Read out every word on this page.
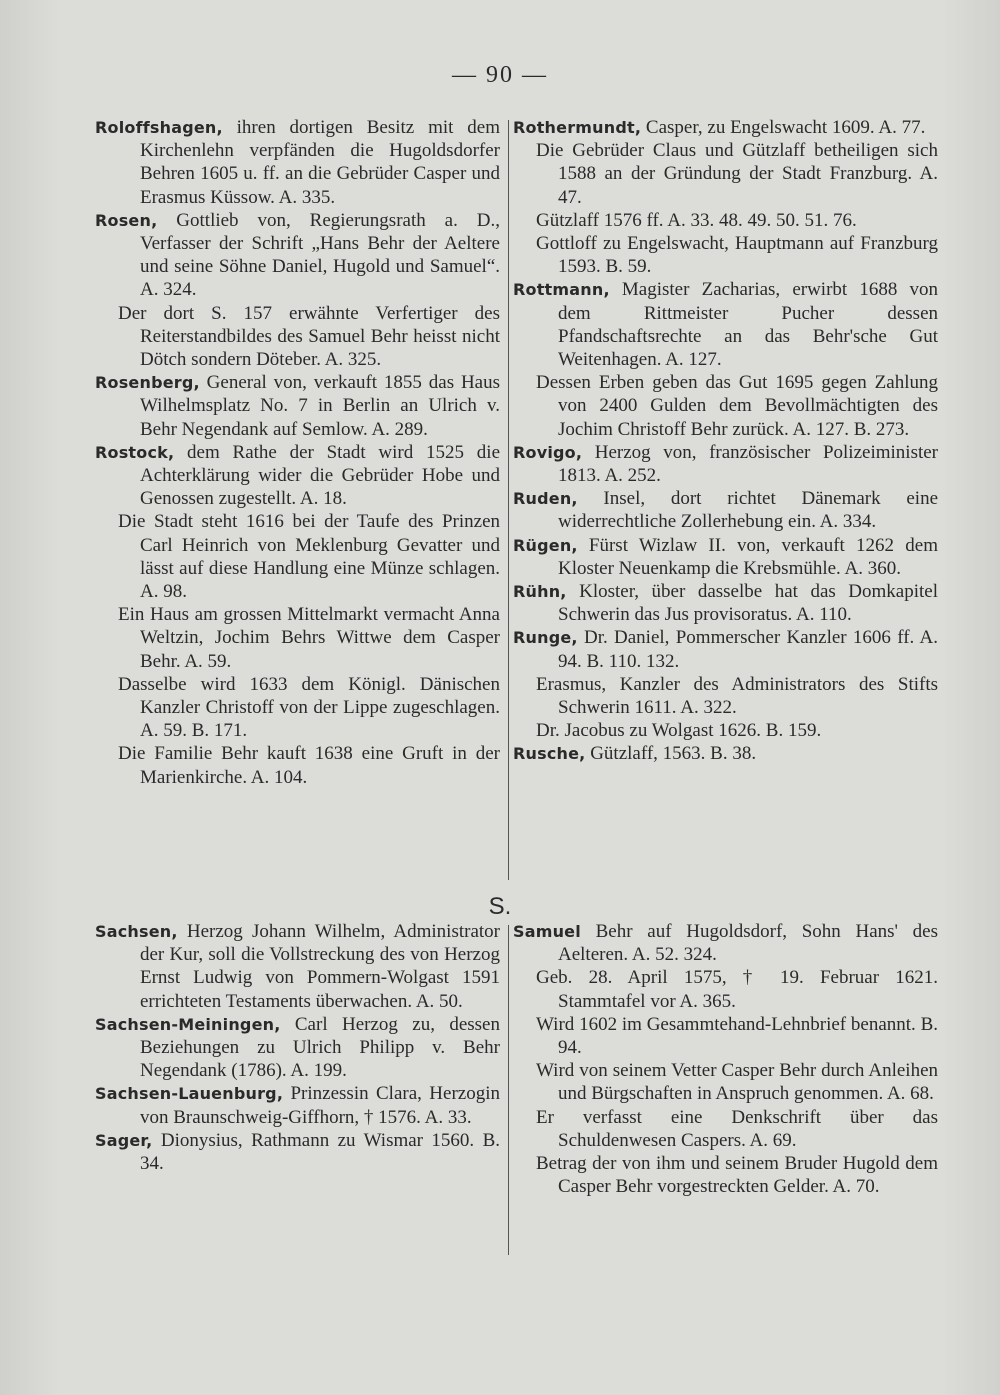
— 90 —

Roloffshagen, ihren dortigen Besitz mit dem Kirchenlehn verpfänden die Hugoldsdorfer Behren 1605 u. ff. an die Gebrüder Casper und Erasmus Küssow. A. 335.

Rosen, Gottlieb von, Regierungsrath a. D., Verfasser der Schrift „Hans Behr der Aeltere und seine Söhne Daniel, Hugold und Samuel“. A. 324.

Der dort S. 157 erwähnte Verfertiger des Reiterstandbildes des Samuel Behr heisst nicht Dötch sondern Döteber. A. 325.

Rosenberg, General von, verkauft 1855 das Haus Wilhelmsplatz No. 7 in Berlin an Ulrich v. Behr Negendank auf Semlow. A. 289.

Rostock, dem Rathe der Stadt wird 1525 die Achterklärung wider die Gebrüder Hobe und Genossen zugestellt. A. 18.

Die Stadt steht 1616 bei der Taufe des Prinzen Carl Heinrich von Meklenburg Gevatter und lässt auf diese Handlung eine Münze schlagen. A. 98.

Ein Haus am grossen Mittelmarkt vermacht Anna Weltzin, Jochim Behrs Wittwe dem Casper Behr. A. 59.

Dasselbe wird 1633 dem Königl. Dänischen Kanzler Christoff von der Lippe zugeschlagen. A. 59. B. 171.

Die Familie Behr kauft 1638 eine Gruft in der Marienkirche. A. 104.

Rothermundt, Casper, zu Engelswacht 1609. A. 77.

Die Gebrüder Claus und Gützlaff betheiligen sich 1588 an der Gründung der Stadt Franzburg. A. 47.

Gützlaff 1576 ff. A. 33. 48. 49. 50. 51. 76.

Gottloff zu Engelswacht, Hauptmann auf Franzburg 1593. B. 59.

Rottmann, Magister Zacharias, erwirbt 1688 von dem Rittmeister Pucher dessen Pfandschaftsrechte an das Behr'sche Gut Weitenhagen. A. 127.

Dessen Erben geben das Gut 1695 gegen Zahlung von 2400 Gulden dem Bevollmächtigten des Jochim Christoff Behr zurück. A. 127. B. 273.

Rovigo, Herzog von, französischer Polizeiminister 1813. A. 252.

Ruden, Insel, dort richtet Dänemark eine widerrechtliche Zollerhebung ein. A. 334.

Rügen, Fürst Wizlaw II. von, verkauft 1262 dem Kloster Neuenkamp die Krebsmühle. A. 360.

Rühn, Kloster, über dasselbe hat das Domkapitel Schwerin das Jus provisoratus. A. 110.

Runge, Dr. Daniel, Pommerscher Kanzler 1606 ff. A. 94. B. 110. 132.

Erasmus, Kanzler des Administrators des Stifts Schwerin 1611. A. 322.

Dr. Jacobus zu Wolgast 1626. B. 159.

Rusche, Gützlaff, 1563. B. 38.

S.

Sachsen, Herzog Johann Wilhelm, Administrator der Kur, soll die Vollstreckung des von Herzog Ernst Ludwig von Pommern-Wolgast 1591 errichteten Testaments überwachen. A. 50.

Sachsen-Meiningen, Carl Herzog zu, dessen Beziehungen zu Ulrich Philipp v. Behr Negendank (1786). A. 199.

Sachsen-Lauenburg, Prinzessin Clara, Herzogin von Braunschweig-Giffhorn, † 1576. A. 33.

Sager, Dionysius, Rathmann zu Wismar 1560. B. 34.

Samuel Behr auf Hugoldsdorf, Sohn Hans' des Aelteren. A. 52. 324.

Geb. 28. April 1575, † 19. Februar 1621. Stammtafel vor A. 365.

Wird 1602 im Gesammtehand-Lehnbrief benannt. B. 94.

Wird von seinem Vetter Casper Behr durch Anleihen und Bürgschaften in Anspruch genommen. A. 68.

Er verfasst eine Denkschrift über das Schuldenwesen Caspers. A. 69.

Betrag der von ihm und seinem Bruder Hugold dem Casper Behr vorgestreckten Gelder. A. 70.
